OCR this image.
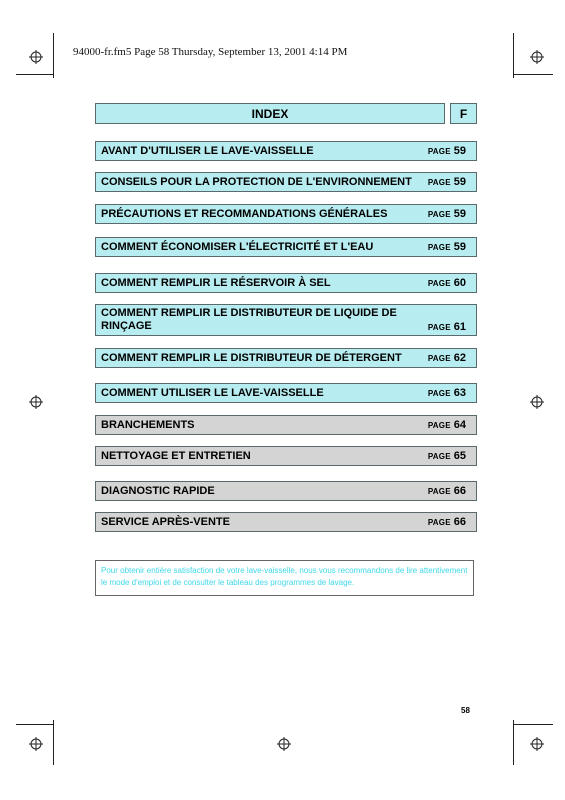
94000-fr.fm5 Page 58 Thursday, September 13, 2001 4:14 PM
INDEX	F
AVANT D'UTILISER LE LAVE-VAISSELLE	PAGE 59
CONSEILS POUR LA PROTECTION DE L'ENVIRONNEMENT PAGE 59
PRÉCAUTIONS ET RECOMMANDATIONS GÉNÉRALES	PAGE 59
COMMENT ÉCONOMISER L'ÉLECTRICITÉ ET L'EAU	PAGE 59
COMMENT REMPLIR LE RÉSERVOIR À SEL	PAGE 60
COMMENT REMPLIR LE DISTRIBUTEUR DE LIQUIDE DE RINÇAGE	PAGE 61
COMMENT REMPLIR LE DISTRIBUTEUR DE DÉTERGENT	PAGE 62
COMMENT UTILISER LE LAVE-VAISSELLE	PAGE 63
BRANCHEMENTS	PAGE 64
NETTOYAGE ET ENTRETIEN	PAGE 65
DIAGNOSTIC RAPIDE	PAGE 66
SERVICE APRÈS-VENTE	PAGE 66
Pour obtenir entière satisfaction de votre lave-vaisselle, nous vous recommandons de lire attentivement le mode d'emploi et de consulter le tableau des programmes de lavage.
58
